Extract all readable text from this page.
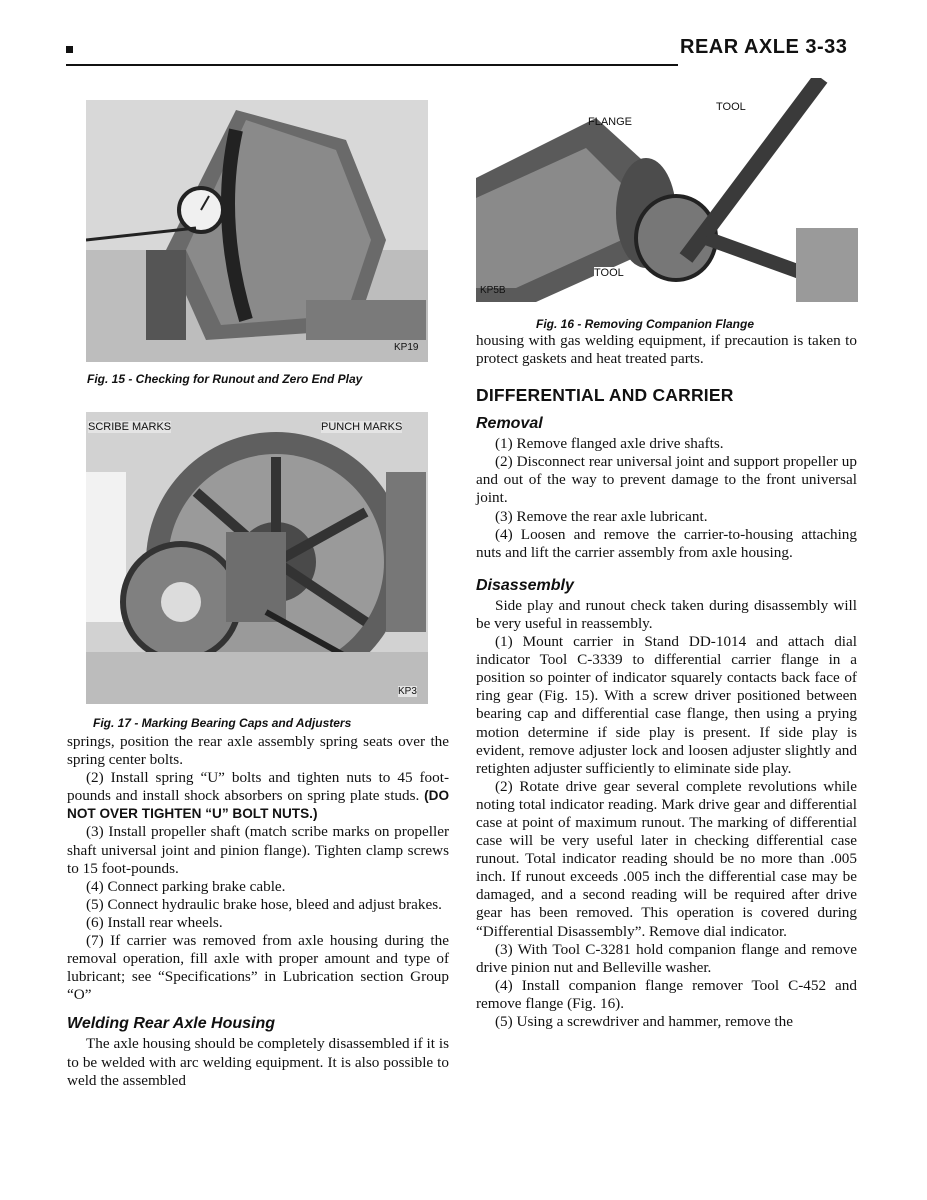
REAR AXLE 3-33
KP19
Fig. 15 - Checking for Runout and Zero End Play
SCRIBE MARKS	PUNCH MARKS
KP3
Fig. 17 - Marking Bearing Caps and Adjusters
FLANGE
TOOL
TOOL
KP5B
Fig. 16 - Removing Companion Flange

springs, position the rear axle assembly spring seats over the spring center bolts.

(2) Install spring “U” bolts and tighten nuts to 45 foot-pounds and install shock absorbers on spring plate studs. (DO NOT OVER TIGHTEN “U” BOLT NUTS.)

(3) Install propeller shaft (match scribe marks on propeller shaft universal joint and pinion flange). Tighten clamp screws to 15 foot-pounds.

(4) Connect parking brake cable.

(5) Connect hydraulic brake hose, bleed and adjust brakes.

(6) Install rear wheels.

(7) If carrier was removed from axle housing during the removal operation, fill axle with proper amount and type of lubricant; see “Specifications” in Lubrication section Group “O”

Welding Rear Axle Housing

The axle housing should be completely disassembled if it is to be welded with arc welding equipment. It is also possible to weld the assembled

housing with gas welding equipment, if precaution is taken to protect gaskets and heat treated parts.

DIFFERENTIAL AND CARRIER
Removal

(1) Remove flanged axle drive shafts.

(2) Disconnect rear universal joint and support propeller up and out of the way to prevent damage to the front universal joint.

(3) Remove the rear axle lubricant.

(4) Loosen and remove the carrier-to-housing attaching nuts and lift the carrier assembly from axle housing.

Disassembly

Side play and runout check taken during disassembly will be very useful in reassembly.

(1) Mount carrier in Stand DD-1014 and attach dial indicator Tool C-3339 to differential carrier flange in a position so pointer of indicator squarely contacts back face of ring gear (Fig. 15). With a screw driver positioned between bearing cap and differential case flange, then using a prying motion determine if side play is present. If side play is evident, remove adjuster lock and loosen adjuster slightly and retighten adjuster sufficiently to eliminate side play.

(2) Rotate drive gear several complete revolutions while noting total indicator reading. Mark drive gear and differential case at point of maximum runout. The marking of differential case will be very useful later in checking differential case runout. Total indicator reading should be no more than .005 inch. If runout exceeds .005 inch the differential case may be damaged, and a second reading will be required after drive gear has been removed. This operation is covered during “Differential Disassembly”. Remove dial indicator.

(3) With Tool C-3281 hold companion flange and remove drive pinion nut and Belleville washer.

(4) Install companion flange remover Tool C-452 and remove flange (Fig. 16).

(5) Using a screwdriver and hammer, remove the
